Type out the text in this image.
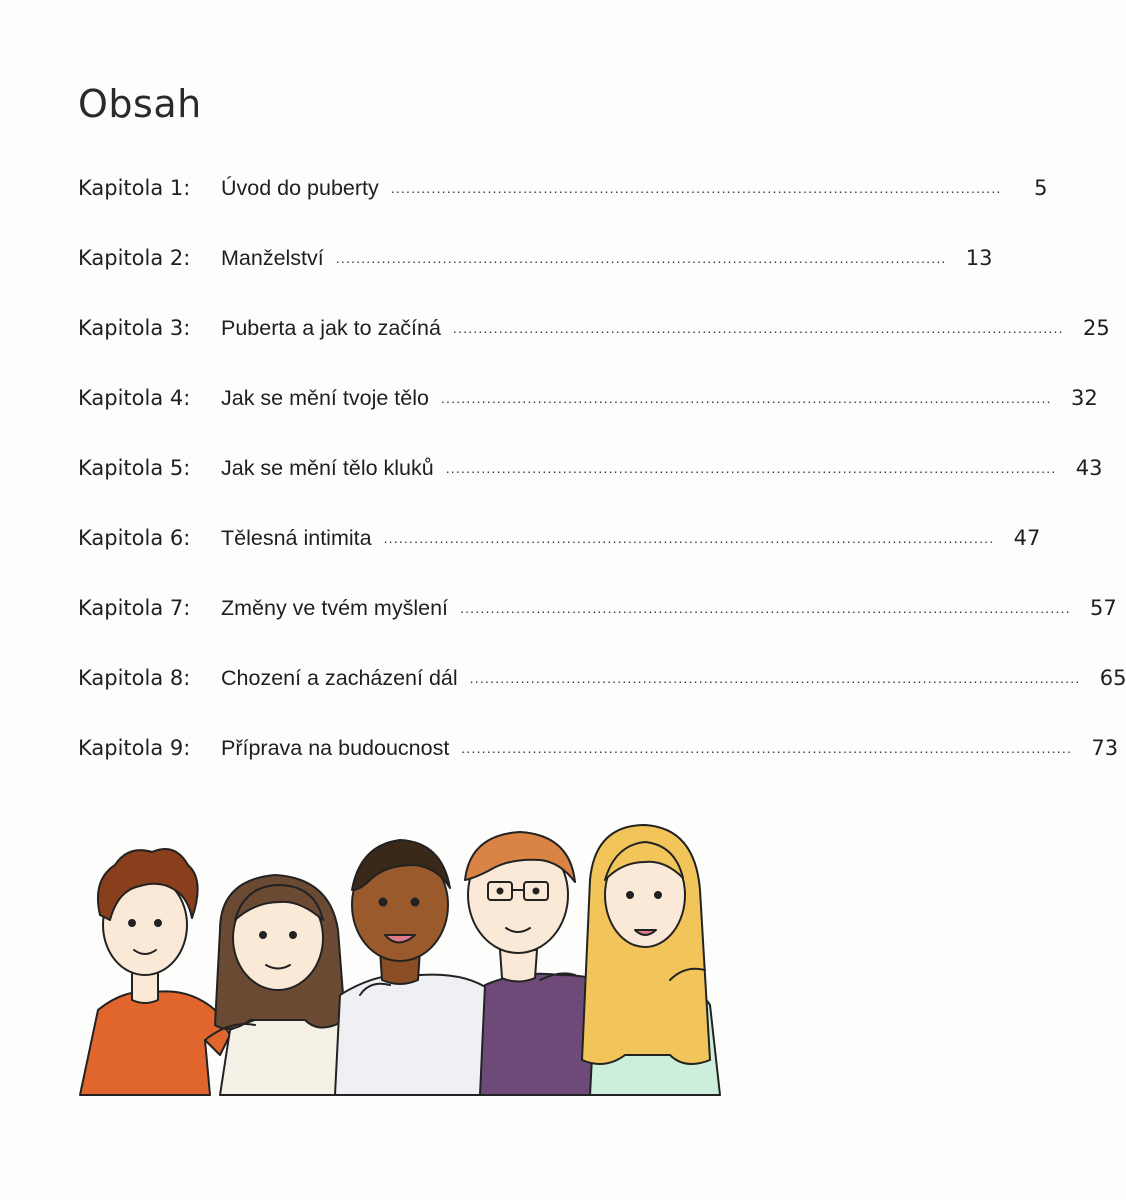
Obsah
Kapitola 1:	Úvod do puberty ........................................................................................................................	5
Kapitola 2:	Manželství ........................................................................................................................ 13
Kapitola 3:	Puberta a jak to začíná ........................................................................................................................ 25
Kapitola 4:	Jak se mění tvoje tělo ........................................................................................................................ 32
Kapitola 5:	Jak se mění tělo kluků ........................................................................................................................ 43
Kapitola 6:	Tělesná intimita ........................................................................................................................ 47
Kapitola 7:	Změny ve tvém myšlení ........................................................................................................................ 57
Kapitola 8:	Chození a zacházení dál ........................................................................................................................ 65
Kapitola 9:	Příprava na budoucnost ........................................................................................................................ 73
